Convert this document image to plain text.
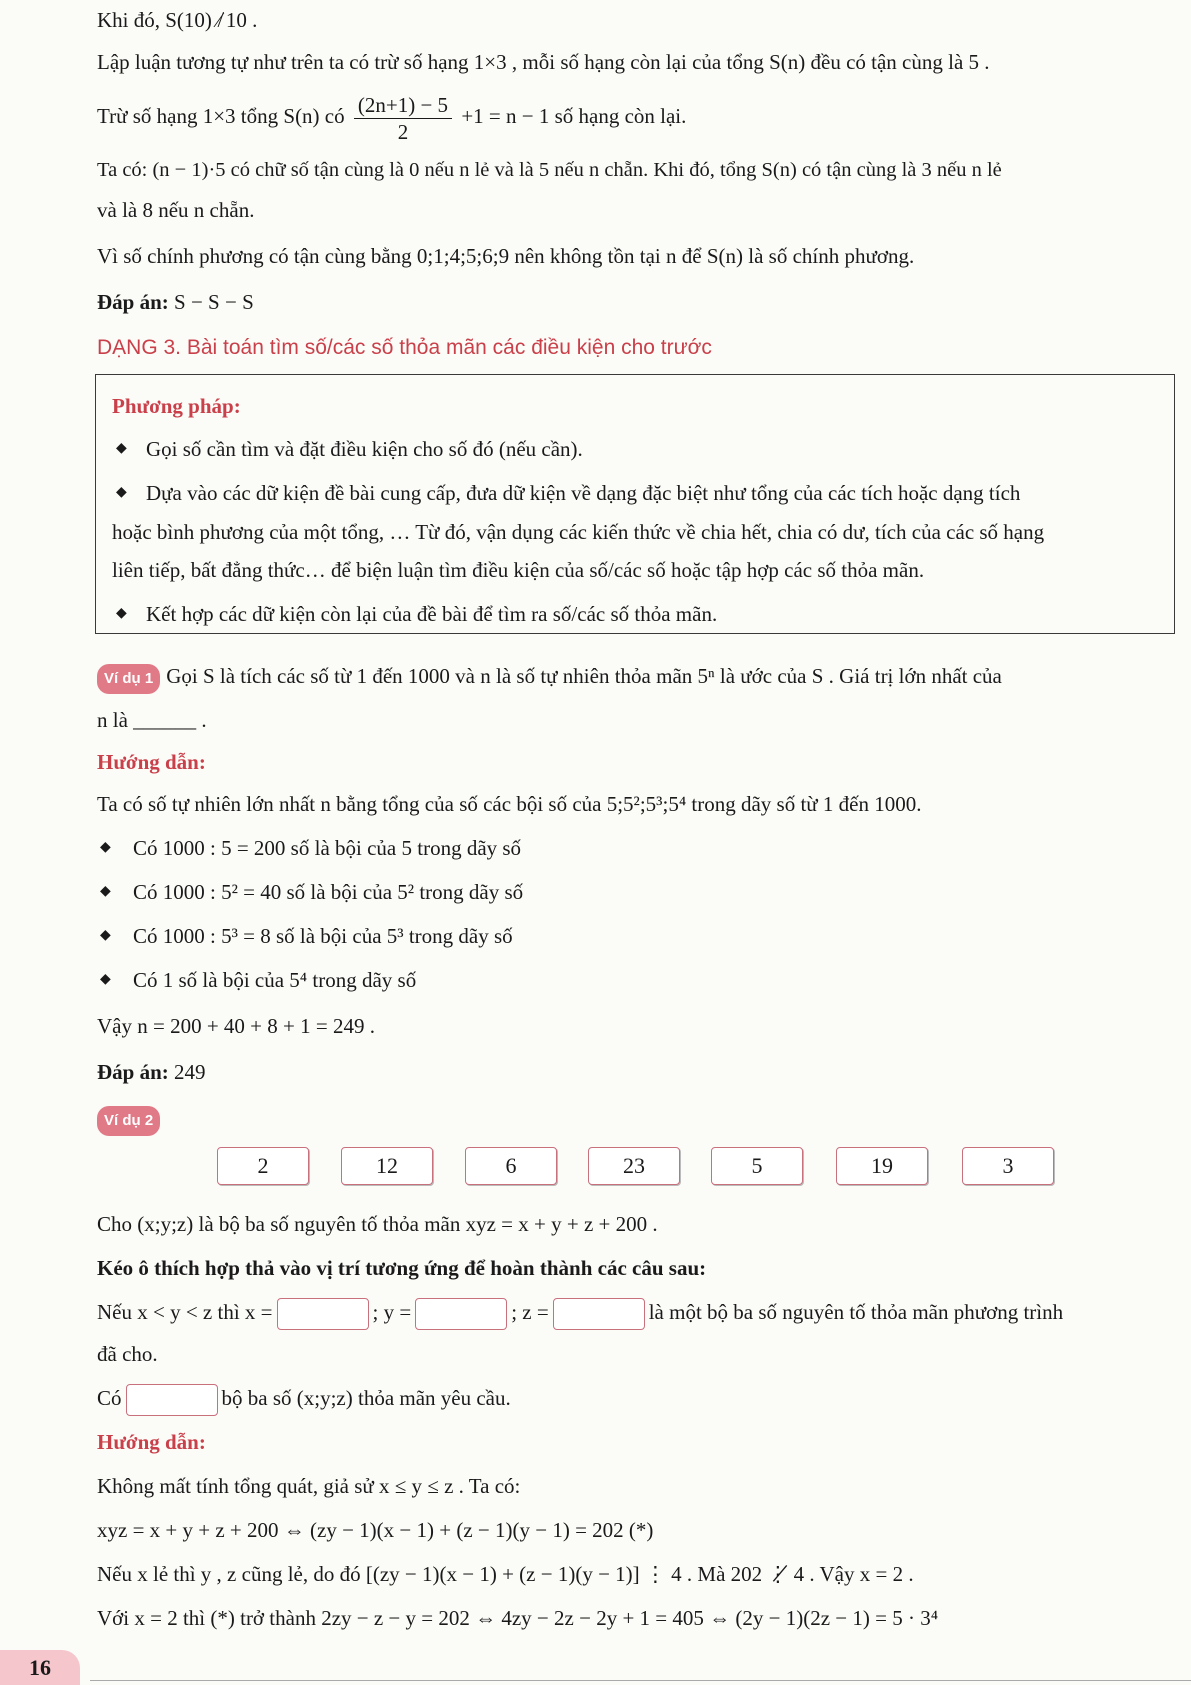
Khi đó, S(10) ⁄̸ 10 .
Lập luận tương tự như trên ta có trừ số hạng 1×3 , mỗi số hạng còn lại của tổng S(n) đều có tận cùng là 5 .
Trừ số hạng 1×3 tổng S(n) có $\frac{(2n+1) - 5}{2} +1 = n - 1$ số hạng còn lại.
Ta có: (n − 1)·5 có chữ số tận cùng là 0 nếu n lẻ và là 5 nếu n chẵn. Khi đó, tổng S(n) có tận cùng là 3 nếu n lẻ
và là 8 nếu n chẵn.
Vì số chính phương có tận cùng bằng 0;1;4;5;6;9 nên không tồn tại n để S(n) là số chính phương.
Đáp án: S − S − S
DẠNG 3. Bài toán tìm số/các số thỏa mãn các điều kiện cho trước
Phương pháp:
◆ Gọi số cần tìm và đặt điều kiện cho số đó (nếu cần).
◆ Dựa vào các dữ kiện đề bài cung cấp, đưa dữ kiện về dạng đặc biệt như tổng của các tích hoặc dạng tích
hoặc bình phương của một tổng, … Từ đó, vận dụng các kiến thức về chia hết, chia có dư, tích của các số hạng
liên tiếp, bất đẳng thức… để biện luận tìm điều kiện của số/các số hoặc tập hợp các số thỏa mãn.
◆ Kết hợp các dữ kiện còn lại của đề bài để tìm ra số/các số thỏa mãn.
Ví dụ 1 Gọi S là tích các số từ 1 đến 1000 và n là số tự nhiên thỏa mãn 5ⁿ là ước của S . Giá trị lớn nhất của
n là ______ .
Hướng dẫn:
Ta có số tự nhiên lớn nhất n bằng tổng của số các bội số của 5;5²;5³;5⁴ trong dãy số từ 1 đến 1000.
◆ Có 1000 : 5 = 200 số là bội của 5 trong dãy số
◆ Có 1000 : 5² = 40 số là bội của 5² trong dãy số
◆ Có 1000 : 5³ = 8 số là bội của 5³ trong dãy số
◆ Có 1 số là bội của 5⁴ trong dãy số
Vậy n = 200 + 40 + 8 + 1 = 249 .
Đáp án: 249
Ví dụ 2
2	12	6	23	5	19	3
Cho (x;y;z) là bộ ba số nguyên tố thỏa mãn xyz = x + y + z + 200 .
Kéo ô thích hợp thả vào vị trí tương ứng để hoàn thành các câu sau:
Nếu x < y < z thì x =	; y =	; z =	là một bộ ba số nguyên tố thỏa mãn phương trình
đã cho.
Có	bộ ba số (x;y;z) thỏa mãn yêu cầu.
Hướng dẫn:
Không mất tính tổng quát, giả sử x ≤ y ≤ z . Ta có:
xyz = x + y + z + 200 ⇔ (zy − 1)(x − 1) + (z − 1)(y − 1) = 202 (*)
Nếu x lẻ thì y , z cũng lẻ, do đó [(zy − 1)(x − 1) + (z − 1)(y − 1)] ⋮ 4 . Mà 202 ⋮̸ 4 . Vậy x = 2 .
Với x = 2 thì (*) trở thành 2zy − z − y = 202 ⇔ 4zy − 2z − 2y + 1 = 405 ⇔ (2y − 1)(2z − 1) = 5 · 3⁴
16
